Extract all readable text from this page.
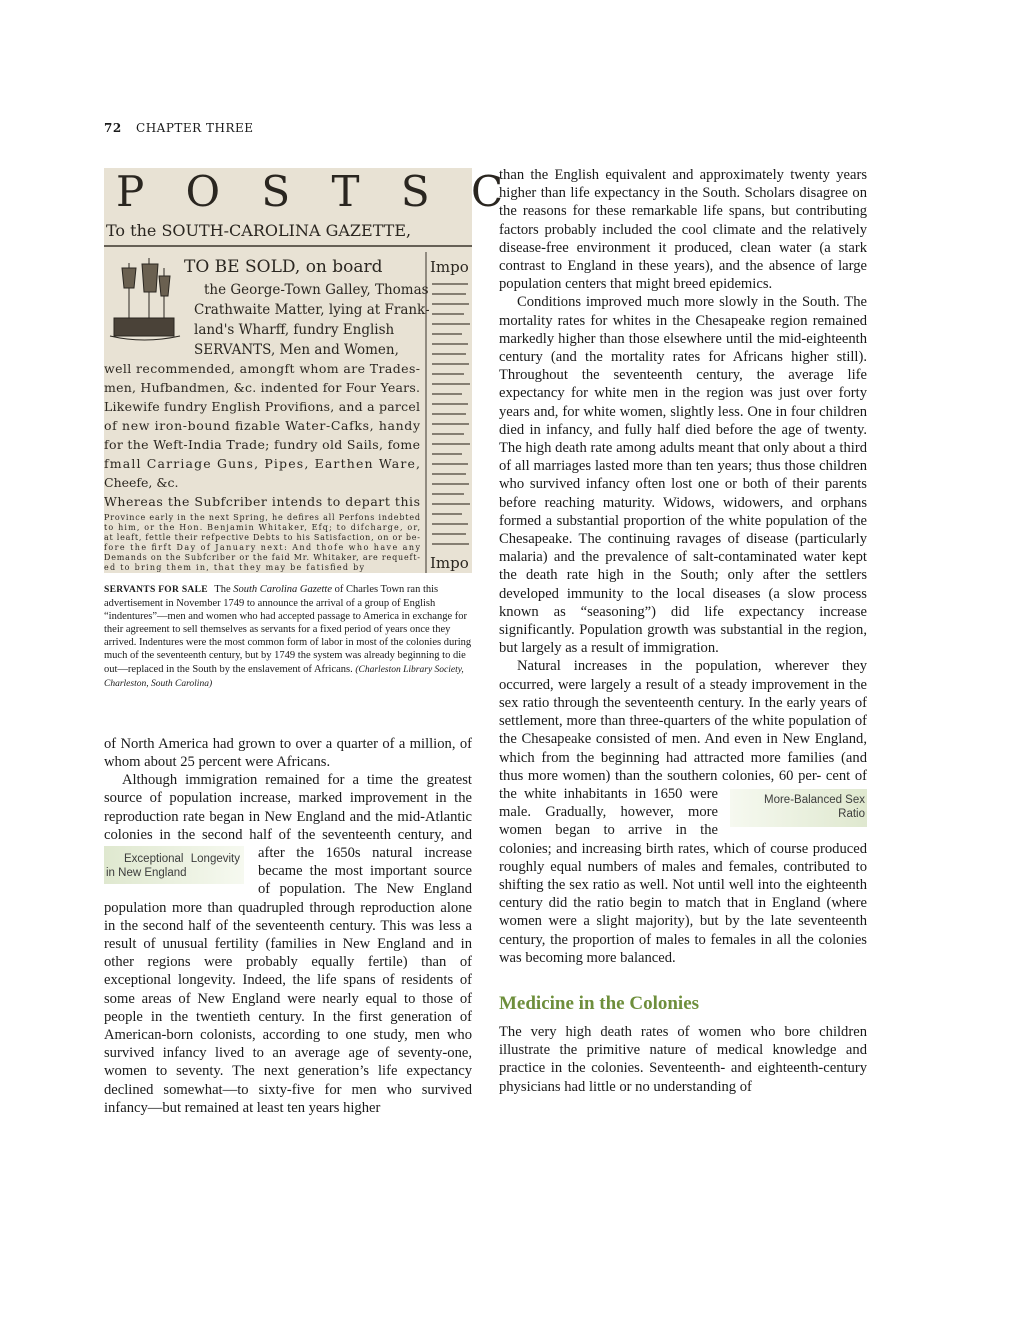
72 CHAPTER THREE
P O S T S C
To the SOUTH-CAROLINA GAZETTE,
TO BE SOLD, on board
the George-Town Galley, Thomas
Crathwaite Matter, lying at Frank-
land's Wharff, fundry English
SERVANTS, Men and Women,
well recommended, amongft whom are Trades-
men, Hufbandmen, &c. indented for Four Years.
Likewife fundry English Provifions, and a parcel
of new iron-bound fizable Water-Cafks, handy
for the Weft-India Trade; fundry old Sails, fome
fmall Carriage Guns, Pipes, Earthen Ware,
Cheefe, &c.
Whereas the Subfcriber intends to depart this
Province early in the next Spring, he defires all Perfons indebted
to him, or the Hon. Benjamin Whitaker, Efq; to difcharge, or,
at leaft, fettle their refpective Debts to his Satisfaction, on or be-
fore the firft Day of January next: And thofe who have any
Demands on the Subfcriber or the faid Mr. Whitaker, are requeft-
ed to bring them in, that they may be fatisfied by
Impo
Impo
SERVANTS FOR SALE The South Carolina Gazette of Charles Town ran this advertisement in November 1749 to announce the arrival of a group of English “indentures”—men and women who had accepted passage to America in exchange for their agreement to sell themselves as servants for a fixed period of years once they arrived. Indentures were the most common form of labor in most of the colonies during much of the seventeenth century, but by 1749 the system was already beginning to die out—replaced in the South by the enslavement of Africans. (Charleston Library Society, Charleston, South Carolina)

of North America had grown to over a quarter of a million, of whom about 25 percent were Africans.

Although immigration remained for a time the greatest source of population increase, marked improvement in the reproduction rate began in New England and the mid-Atlantic colonies in the second half of the seventeenth century, and after the 1650s natural increase
Exceptional Longevity in New England	became the most important source of population. The New England population more than quadrupled through reproduction alone in the second half of the seventeenth century. This was less a result of unusual fertility (families in New England and in other regions were probably equally fertile) than of exceptional longevity. Indeed, the life spans of residents of some areas of New England were nearly equal to those of people in the twentieth century. In the first generation of American-born colonists, according to one study, men who survived infancy lived to an average age of seventy-one, women to seventy. The next generation’s life expectancy declined somewhat—to sixty-five for men who survived infancy—but remained at least ten years higher

than the English equivalent and approximately twenty years higher than life expectancy in the South. Scholars disagree on the reasons for these remarkable life spans, but contributing factors probably included the cool climate and the relatively disease-free environment it produced, clean water (a stark contrast to England in these years), and the absence of large population centers that might breed epidemics.

Conditions improved much more slowly in the South. The mortality rates for whites in the Chesapeake region remained markedly higher than those elsewhere until the mid-eighteenth century (and the mortality rates for Africans higher still). Throughout the seventeenth century, the average life expectancy for white men in the region was just over forty years and, for white women, slightly less. One in four children died in infancy, and fully half died before the age of twenty. The high death rate among adults meant that only about a third of all marriages lasted more than ten years; thus those children who survived infancy often lost one or both of their parents before reaching maturity. Widows, widowers, and orphans formed a substantial proportion of the white population of the Chesapeake. The continuing ravages of disease (particularly malaria) and the prevalence of salt-contaminated water kept the death rate high in the South; only after the settlers developed immunity to the local diseases (a slow process known as “seasoning”) did life expectancy increase significantly. Population growth was substantial in the region, but largely as a result of immigration.

Natural increases in the population, wherever they occurred, were largely a result of a steady improvement in the sex ratio through the seventeenth century. In the early years of settlement, more than three-quarters of the white population of the Chesapeake consisted of men. And even in New England, which from the beginning had attracted more families (and thus more women) than the southern colonies, 60 per-
More-Balanced Sex Ratio
cent of the white inhabitants in 1650 were male. Gradually, however, more women began to arrive in the colonies; and increasing birth rates, which of course produced roughly equal numbers of males and females, contributed to shifting the sex ratio as well. Not until well into the eighteenth century did the ratio begin to match that in England (where women were a slight majority), but by the late seventeenth century, the proportion of males to females in all the colonies was becoming more balanced.

Medicine in the Colonies

The very high death rates of women who bore children illustrate the primitive nature of medical knowledge and practice in the colonies. Seventeenth- and eighteenth-century physicians had little or no understanding of
